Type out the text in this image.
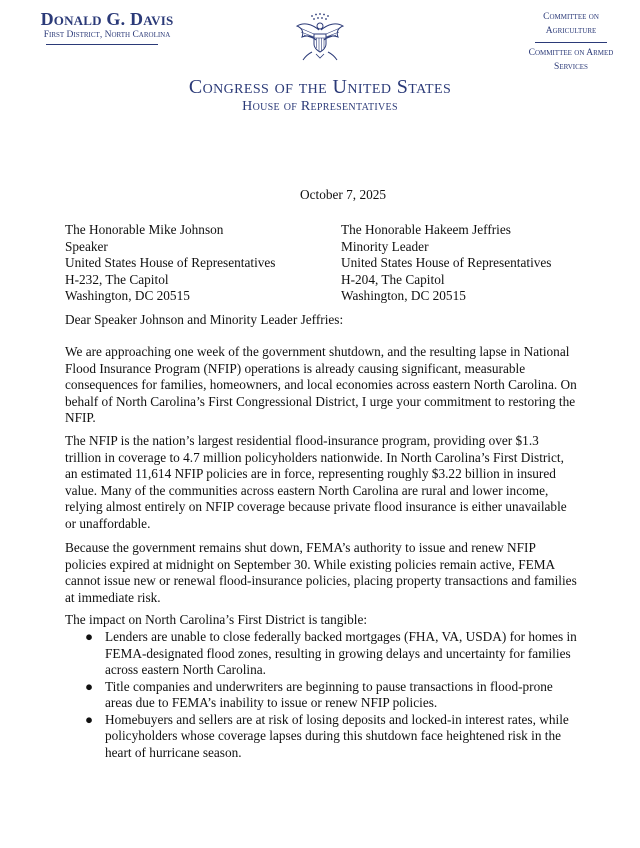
Donald G. Davis
First District, North Carolina
Committee on Agriculture
Committee on Armed Services
Congress of the United States
House of Representatives
October 7, 2025
The Honorable Mike Johnson
Speaker
United States House of Representatives
H-232, The Capitol
Washington, DC 20515
The Honorable Hakeem Jeffries
Minority Leader
United States House of Representatives
H-204, The Capitol
Washington, DC 20515
Dear Speaker Johnson and Minority Leader Jeffries:

We are approaching one week of the government shutdown, and the resulting lapse in National Flood Insurance Program (NFIP) operations is already causing significant, measurable consequences for families, homeowners, and local economies across eastern North Carolina. On behalf of North Carolina’s First Congressional District, I urge your commitment to restoring the NFIP.

The NFIP is the nation’s largest residential flood-insurance program, providing over $1.3 trillion in coverage to 4.7 million policyholders nationwide. In North Carolina’s First District, an estimated 11,614 NFIP policies are in force, representing roughly $3.22 billion in insured value. Many of the communities across eastern North Carolina are rural and lower income, relying almost entirely on NFIP coverage because private flood insurance is either unavailable or unaffordable.

Because the government remains shut down, FEMA’s authority to issue and renew NFIP policies expired at midnight on September 30. While existing policies remain active, FEMA cannot issue new or renewal flood-insurance policies, placing property transactions and families at immediate risk.

The impact on North Carolina’s First District is tangible:

● Lenders are unable to close federally backed mortgages (FHA, VA, USDA) for homes in FEMA-designated flood zones, resulting in growing delays and uncertainty for families across eastern North Carolina.
● Title companies and underwriters are beginning to pause transactions in flood-prone areas due to FEMA’s inability to issue or renew NFIP policies.
● Homebuyers and sellers are at risk of losing deposits and locked-in interest rates, while policyholders whose coverage lapses during this shutdown face heightened risk in the heart of hurricane season.
